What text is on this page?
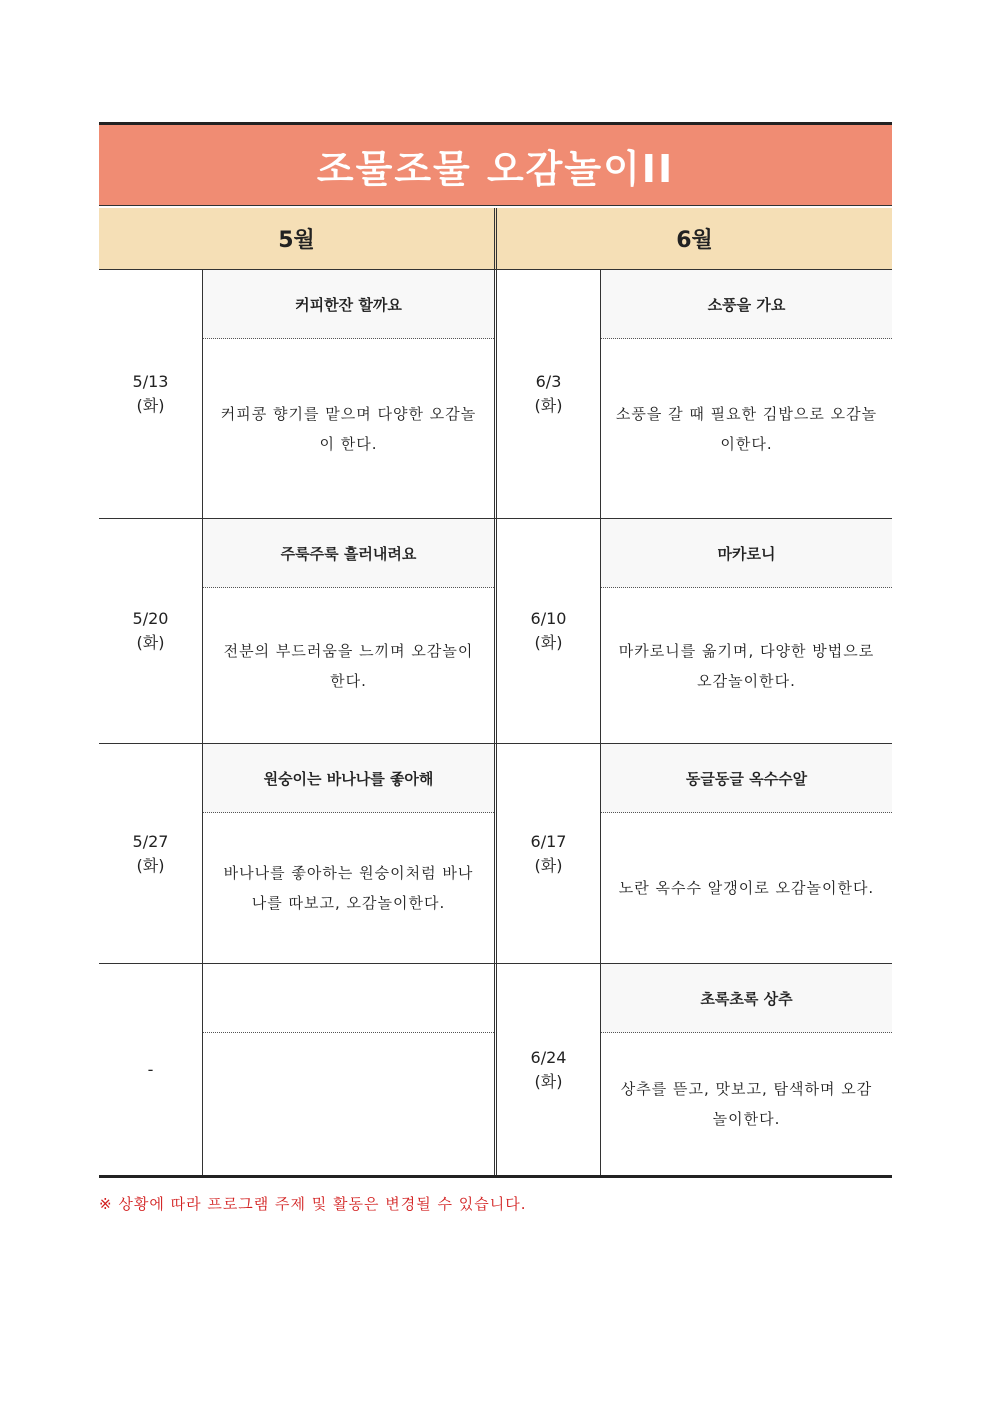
조물조물 오감놀이II
5월	6월
5/13
(화)
커피한잔 할까요
커피콩 향기를 맡으며 다양한 오감놀이 한다.
6/3
(화)
소풍을 가요
소풍을 갈 때 필요한 김밥으로 오감놀이한다.
5/20
(화)
주룩주룩 흘러내려요
전분의 부드러움을 느끼며 오감놀이한다.
6/10
(화)
마카로니
마카로니를 옮기며, 다양한 방법으로 오감놀이한다.
5/27
(화)
원숭이는 바나나를 좋아해
바나나를 좋아하는 원숭이처럼 바나나를 따보고, 오감놀이한다.
6/17
(화)
동글동글 옥수수알
노란 옥수수 알갱이로 오감놀이한다.
-
6/24
(화)
초록초록 상추
상추를 뜯고, 맛보고, 탐색하며 오감놀이한다.
※ 상황에 따라 프로그램 주제 및 활동은 변경될 수 있습니다.
